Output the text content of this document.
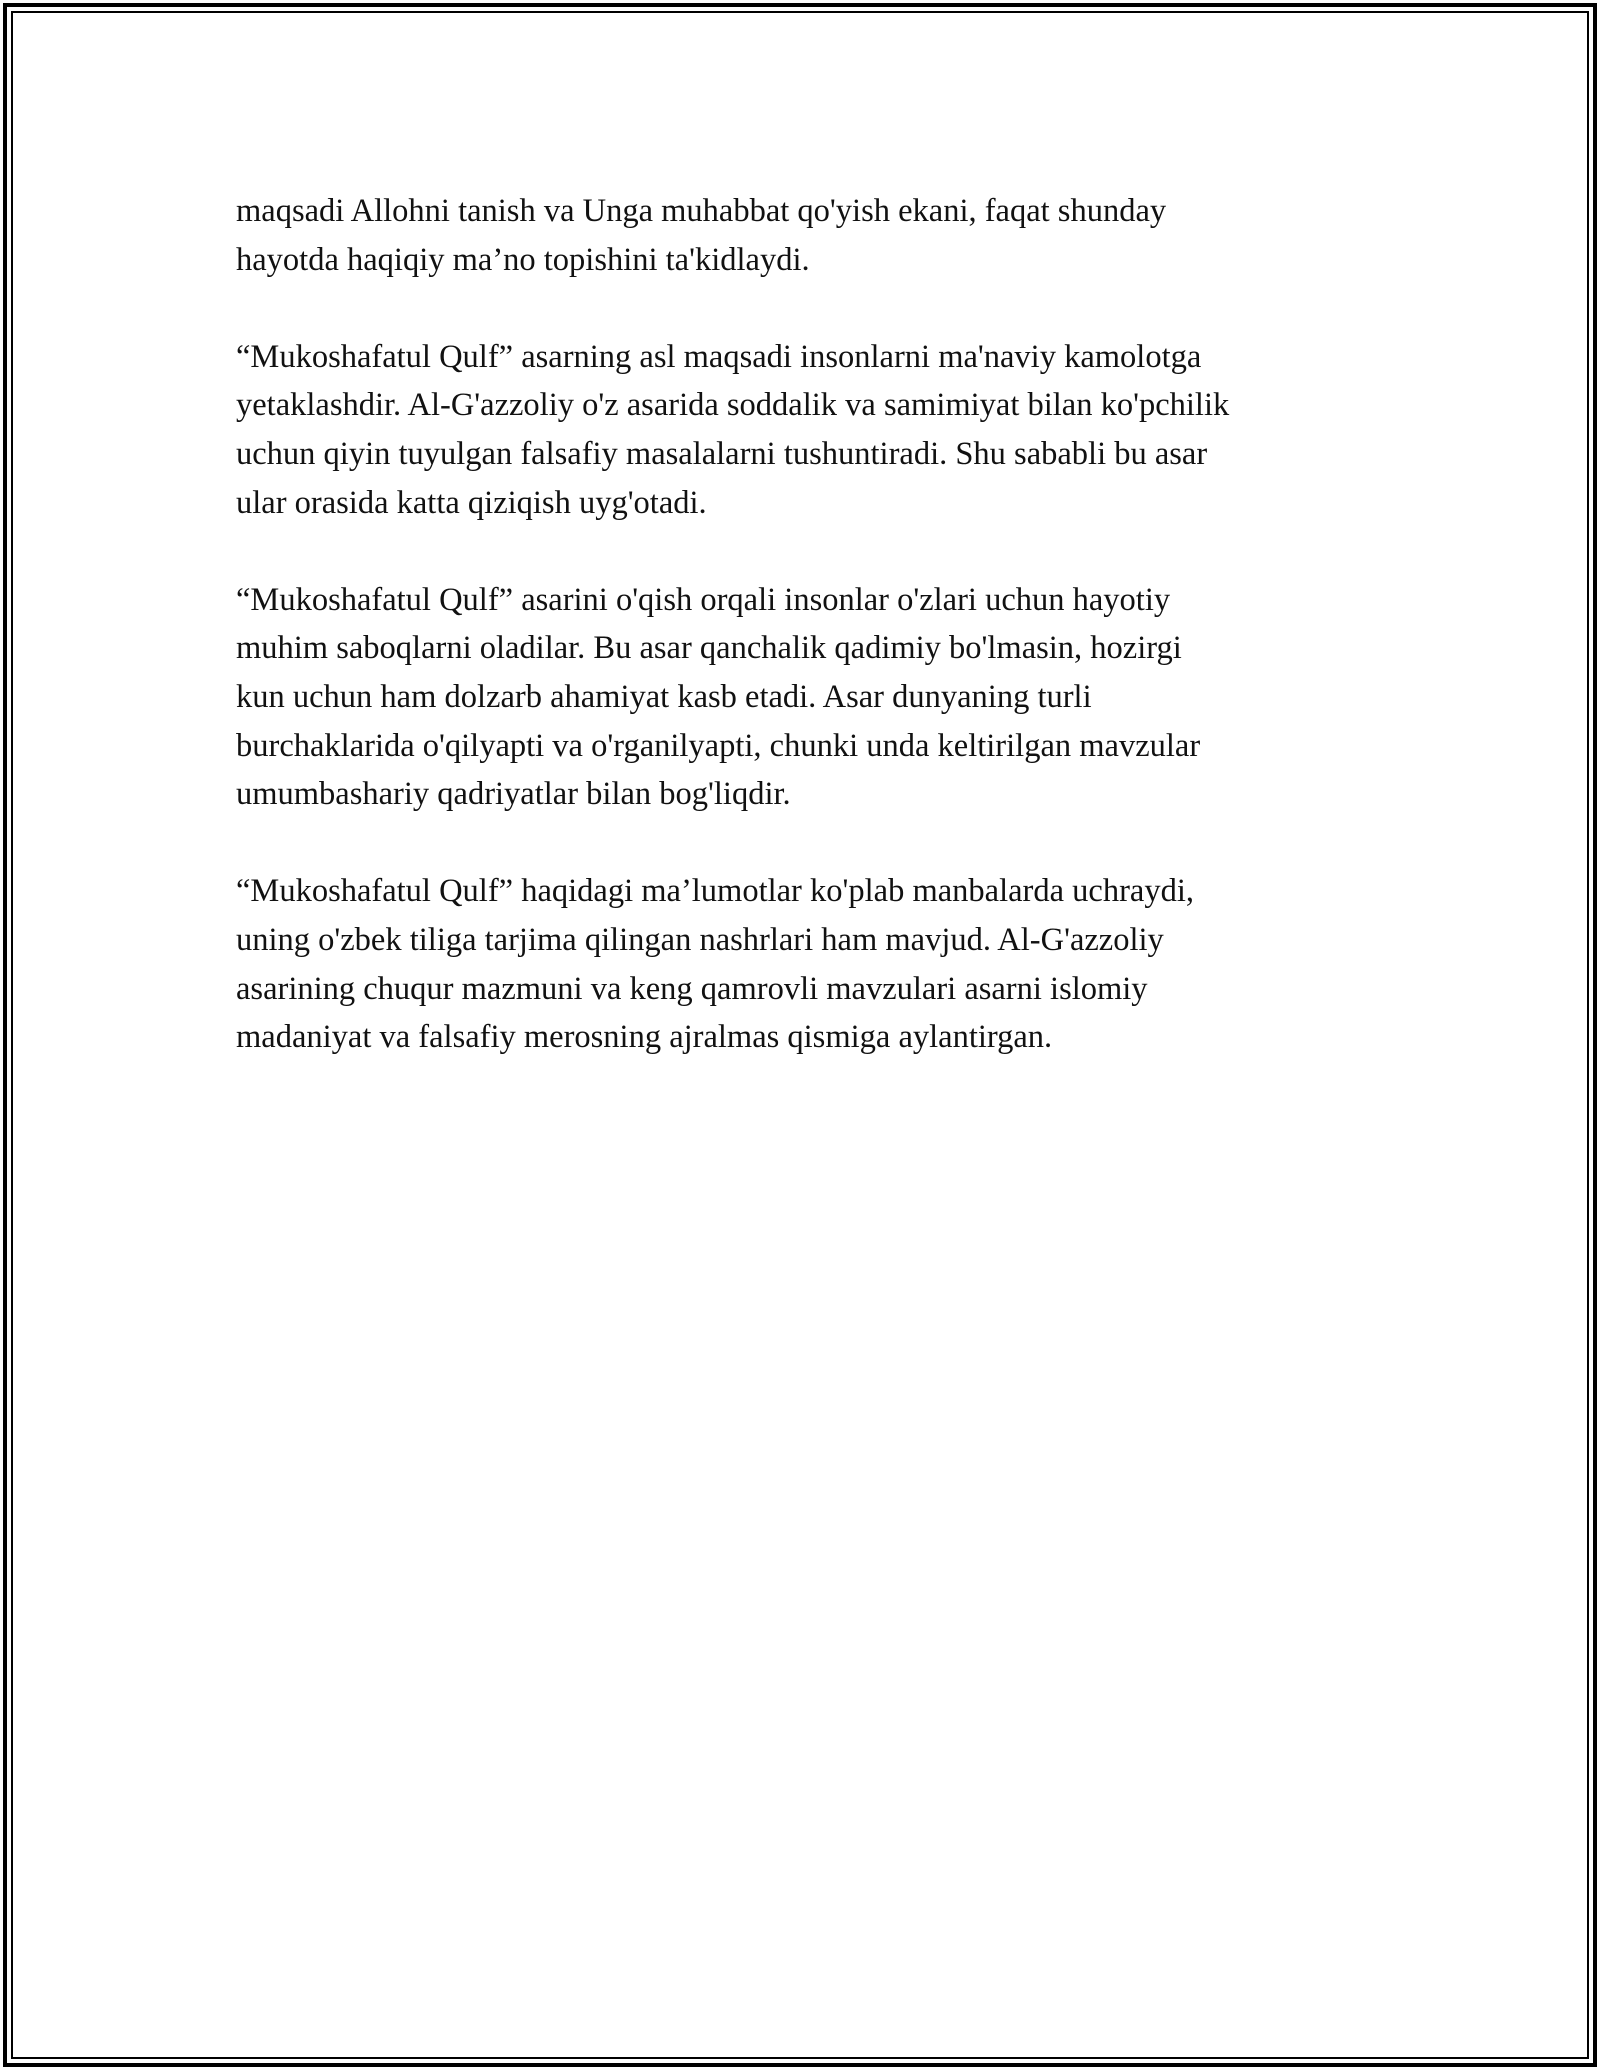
maqsadi Allohni tanish va Unga muhabbat qo'yish ekani, faqat shunday
hayotda haqiqiy ma’no topishini ta'kidlaydi.

“Mukoshafatul Qulf” asarning asl maqsadi insonlarni ma'naviy kamolotga
yetaklashdir. Al-G'azzoliy o'z asarida soddalik va samimiyat bilan ko'pchilik
uchun qiyin tuyulgan falsafiy masalalarni tushuntiradi. Shu sababli bu asar
ular orasida katta qiziqish uyg'otadi.

“Mukoshafatul Qulf” asarini o'qish orqali insonlar o'zlari uchun hayotiy
muhim saboqlarni oladilar. Bu asar qanchalik qadimiy bo'lmasin, hozirgi
kun uchun ham dolzarb ahamiyat kasb etadi. Asar dunyaning turli
burchaklarida o'qilyapti va o'rganilyapti, chunki unda keltirilgan mavzular
umumbashariy qadriyatlar bilan bog'liqdir.

“Mukoshafatul Qulf” haqidagi ma’lumotlar ko'plab manbalarda uchraydi,
uning o'zbek tiliga tarjima qilingan nashrlari ham mavjud. Al-G'azzoliy
asarining chuqur mazmuni va keng qamrovli mavzulari asarni islomiy
madaniyat va falsafiy merosning ajralmas qismiga aylantirgan.
